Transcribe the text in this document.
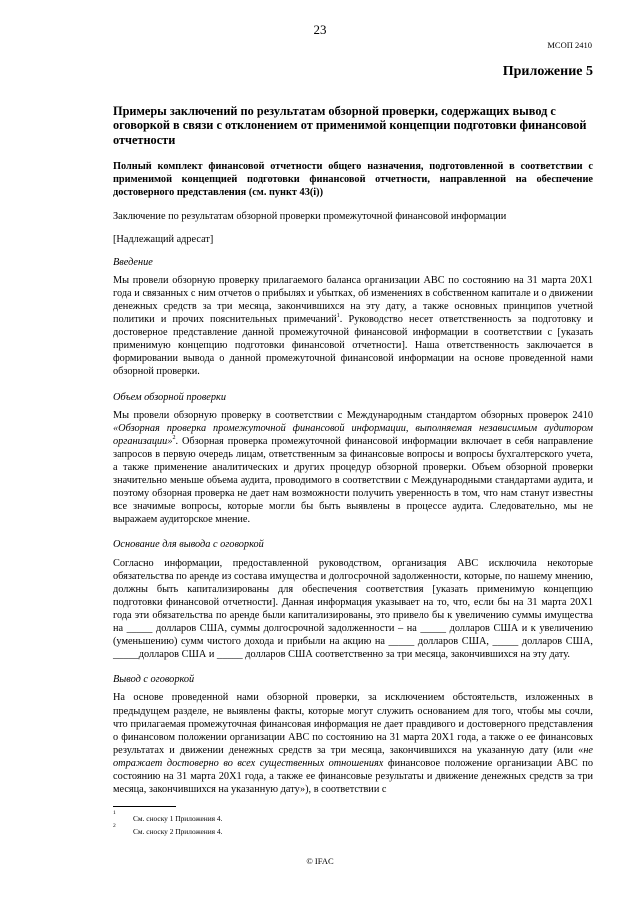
23
МСОП 2410
Приложение 5
Примеры заключений по результатам обзорной проверки, содержащих вывод с оговоркой в связи с отклонением от применимой концепции подготовки финансовой отчетности
Полный комплект финансовой отчетности общего назначения, подготовленной в соответствии с применимой концепцией подготовки финансовой отчетности, направленной на обеспечение достоверного представления (см. пункт 43(i))
Заключение по результатам обзорной проверки промежуточной финансовой информации
[Надлежащий адресат]
Введение
Мы провели обзорную проверку прилагаемого баланса организации ABC по состоянию на 31 марта 20X1 года и связанных с ним отчетов о прибылях и убытках, об изменениях в собственном капитале и о движении денежных средств за три месяца, закончившихся на эту дату, а также основных принципов учетной политики и прочих пояснительных примечаний$^1$. Руководство несет ответственность за подготовку и достоверное представление данной промежуточной финансовой информации в соответствии с [указать применимую концепцию подготовки финансовой отчетности]. Наша ответственность заключается в формировании вывода о данной промежуточной финансовой информации на основе проведенной нами обзорной проверки.
Объем обзорной проверки
Мы провели обзорную проверку в соответствии с Международным стандартом обзорных проверок 2410 «Обзорная проверка промежуточной финансовой информации, выполняемая независимым аудитором организации»$^2$. Обзорная проверка промежуточной финансовой информации включает в себя направление запросов в первую очередь лицам, ответственным за финансовые вопросы и вопросы бухгалтерского учета, а также применение аналитических и других процедур обзорной проверки. Объем обзорной проверки значительно меньше объема аудита, проводимого в соответствии с Международными стандартами аудита, и поэтому обзорная проверка не дает нам возможности получить уверенность в том, что нам станут известны все значимые вопросы, которые могли бы быть выявлены в процессе аудита. Следовательно, мы не выражаем аудиторское мнение.
Основание для вывода с оговоркой
Согласно информации, предоставленной руководством, организация ABC исключила некоторые обязательства по аренде из состава имущества и долгосрочной задолженности, которые, по нашему мнению, должны быть капитализированы для обеспечения соответствия [указать применимую концепцию подготовки финансовой отчетности]. Данная информация указывает на то, что, если бы на 31 марта 20X1 года эти обязательства по аренде были капитализированы, это привело бы к увеличению суммы имущества на _____ долларов США, суммы долгосрочной задолженности – на _____ долларов США и к увеличению (уменьшению) сумм чистого дохода и прибыли на акцию на _____ долларов США, _____ долларов США, _____долларов США и _____ долларов США соответственно за три месяца, закончившихся на эту дату.
Вывод с оговоркой
На основе проведенной нами обзорной проверки, за исключением обстоятельств, изложенных в предыдущем разделе, не выявлены факты, которые могут служить основанием для того, чтобы мы сочли, что прилагаемая промежуточная финансовая информация не дает правдивого и достоверного представления о финансовом положении организации ABC по состоянию на 31 марта 20X1 года, а также о ее финансовых результатах и движении денежных средств за три месяца, закончившихся на указанную дату (или «не отражает достоверно во всех существенных отношениях финансовое положение организации ABC по состоянию на 31 марта 20X1 года, а также ее финансовые результаты и движение денежных средств за три месяца, закончившихся на указанную дату»), в соответствии с
1
См. сноску 1 Приложения 4.
2
См. сноску 2 Приложения 4.
© IFAC
